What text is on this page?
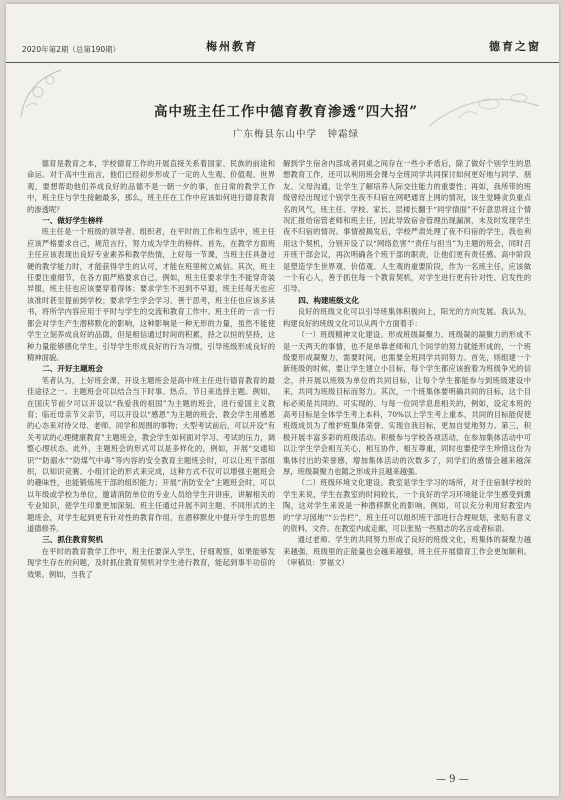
2020年第2期（总第190期）	梅州教育	德育之窗
高中班主任工作中德育教育渗透“四大招”
广东梅县东山中学　钟霜绿

德育是教育之本，学校德育工作的开展直接关系着国家、民族的前途和命运。对于高中生而言，他们已经初步形成了一定的人生观、价值观、世界观，要想帮助他们养成良好的品德不是一朝一夕的事，在日常的教学工作中，班主任与学生接触最多，那么，班主任在工作中应该如何进行德育教育的渗透呢？

一、做好学生榜样

班主任是一个班级的领导者、组织者，在平时的工作和生活中，班主任应该严格要求自己，规范言行，努力成为学生的榜样。首先，在教学方面班主任应该表现出良好专业素养和教学热情，上好每一节课，当班主任具备过硬的教学能力时，才能获得学生的认可，才能在班里树立威信。其次，班主任要注重细节，在各方面严格要求自己，例如，班主任要求学生不能穿奇装异服，班主任也应该要穿着得体；要求学生不迟到不早退，班主任每天也应该准时甚至提前到学校；要求学生学会学习、善于思考，班主任也应该多读书，将所学内容应用于平时与学生的交流和教育工作中。班主任的一言一行都会对学生产生潜移默化的影响，这种影响是一种无形的力量，虽然不能使学生立刻养成良好的品德，但是相信通过时间的积累，持之以恒的坚持，这种力量能够感化学生，引导学生形成良好的行为习惯，引导班级形成良好的精神面貌。

二、开好主题班会

笔者认为，上好班会课，开设主题班会是高中班主任进行德育教育的最佳途径之一。主题班会可以结合当下时事、热点、节日来选择主题。例如，在国庆节前夕可以开设以“我爱我的祖国”为主题的班会，进行爱国主义教育；临近母亲节父亲节，可以开设以“感恩”为主题的班会，教会学生用感恩的心态来对待父母、老师、同学和周围的事物；大型考试前后，可以开设“有关考试的心理健康教育”主题班会，教会学生如何面对学习、考试的压力，调整心理状态。此外，主题班会的形式可以是多样化的，例如，开展“交通知识”“防溺水”“防煤气中毒”等内容的安全教育主题班会时，可以让班干部组织，以知识竞赛、小组讨论的形式来完成，这种方式不仅可以增强主题班会的趣味性，也能锻炼班干部的组织能力；开展“消防安全”主题班会时，可以以年级或学校为单位，邀请消防单位的专业人员给学生开讲座，讲解相关的专业知识，使学生印象更加深刻。班主任通过开展不同主题、不同形式的主题班会，对学生起到更有针对性的教育作用，在潜移默化中提升学生的思想道德修养。

三、抓住教育契机

在平时的教育教学工作中，班主任要深入学生，仔细观察，如果能够发现学生存在的问题，及时抓住教育契机对学生进行教育，能起到事半功倍的效果。例如，当我了

解到学生宿舍内部成者同桌之间存在一些小矛盾后，除了做好个别学生的思想教育工作，还可以利用班会课与全班同学共同探讨如何更好地与同学、朋友、父母沟通，让学生了解培养人际交往能力的重要性；再如，我所带的班级曾经出现过个别学生夜不归宿在网吧通宵上网的情况，该生觉睡贪负重点名的风气，班主任、学校、家长、层楼长翻于“同学情面”不好意思将这个情况汇报给宿管老师和班主任，因此导致宿舍管理出现漏洞，未及时发现学生夜不归宿的情况。事情被揭发后，学校严肃处理了夜不归宿的学生，我也利用这个契机，分别开设了以“网络危害”“责任与担当”为主题的班会，同时召开班干部会议，再次明确各个班干部的职责，让他们更有责任感。高中阶段是塑造学生世界观、价值观、人生观的重要阶段，作为一名班主任，应该做一个有心人，善于抓住每一个教育契机，对学生进行更有针对性、启发性的引导。

四、构建班级文化

良好的班级文化可以引导班集体积极向上，阳光的方向发展。我认为，构建良好的班级文化可以从两个方面着手：

（一）班级精神文化建设。形成班级凝聚力。班级凝的凝聚力的形成不是一天两天的事情，也不是单靠老师和几个同学的努力就能形成的，一个班级要形成凝聚力，需要时间，也需要全班同学共同努力。首先，则组建一个新班级的时候，要让学生建立小目标，每个学生都应该抱着为班级争光的信念，并开展以班级为单位的共同目标，让每个学生都能参与到班级建设中来，共同为班级目标而努力。其次，一个班集体要明确共同的目标，这个目标必须是共同的、可实现的、与每一位同学息息相关的，例如，设定本班的高考目标是全体学生考上本科，70%以上学生考上重本，共同的目标能促使班级成员为了维护班集体荣誉、实现自我目标，更加自觉地努力。第三，积极开展丰富多彩的班级活动。积极参与学校各项活动，在参加集体活动中可以让学生学会相互关心，相互协作，相互尊重，同时也要使学生珍惜这份为集体付出的荣誉感，增加集体活动的次数多了，同学们的感情会越来越深厚，班级凝聚力也随之形成并且越来越强。

（二）班级环境文化建设。教室是学生学习的场所，对于住宿制学校的学生来说，学生在教室的时间较长，一个良好的学习环境能让学生感受到熏陶，这对学生来说是一种潜移默化的影响。例如，可以充分利用好教室内的“学习园地”“公告栏”，班主任可以组织班干部进行合理规划，张贴有意义的资料、文件。在教室内或走廊，可以张贴一些励志的名言或者标语。

通过老师、学生的共同努力形成了良好的班级文化，班集体的凝聚力越来越强，班级里的正能量也会越来越强，班主任开展德育工作会更加顺利。（审稿员：罗福文）

— 9 —
